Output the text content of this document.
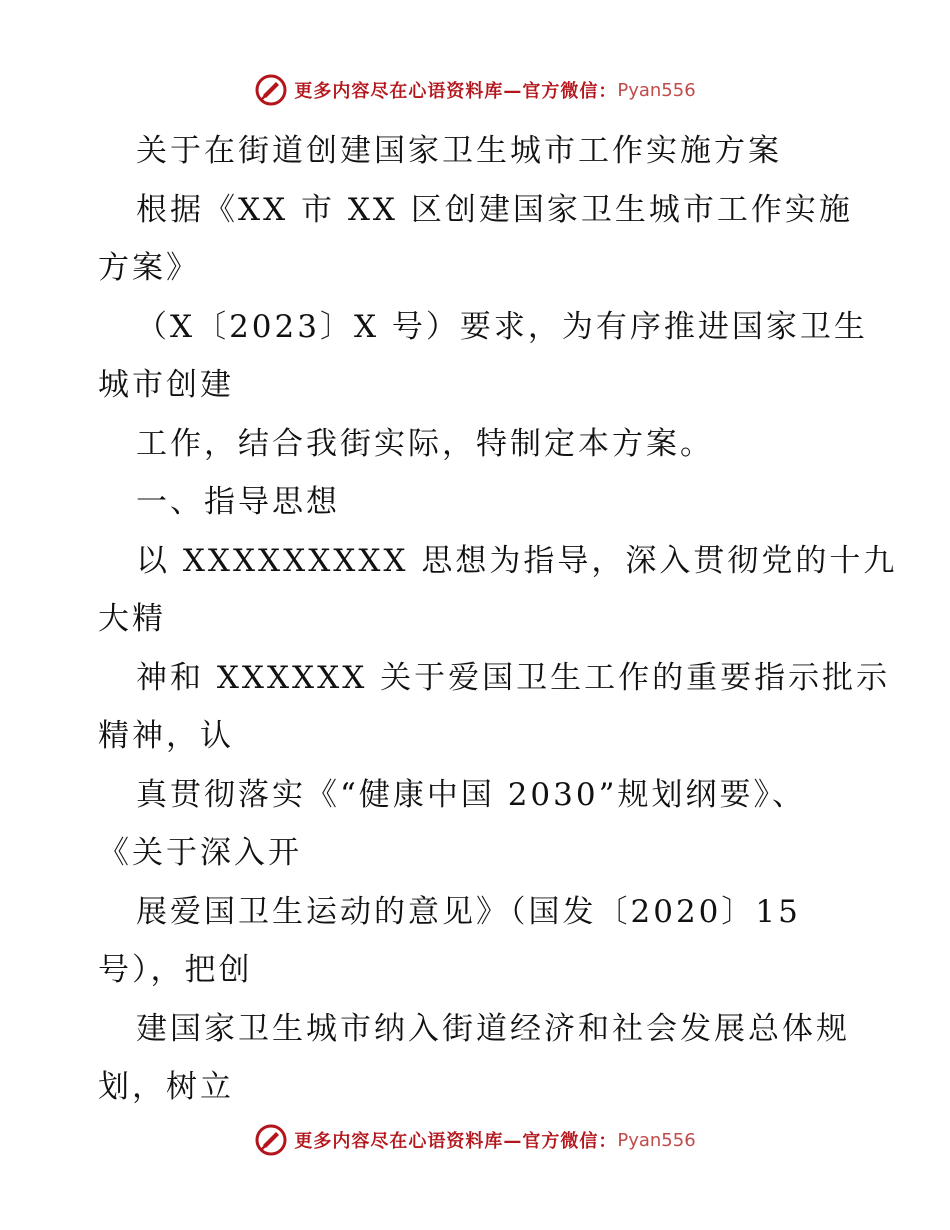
更多内容尽在心语资料库—官方微信： Pyan556
关于在街道创建国家卫生城市工作实施方案
根据《XX 市 XX 区创建国家卫生城市工作实施
方案》
（X〔2023〕X 号）要求，为有序推进国家卫生
城市创建
工作，结合我街实际，特制定本方案。
一、指导思想
以 XXXXXXXXX 思想为指导，深入贯彻党的十九
大精
神和 XXXXXX 关于爱国卫生工作的重要指示批示
精神，认
真贯彻落实《“健康中国 2030”规划纲要》、
《关于深入开
展爱国卫生运动的意见》（国发〔2020〕15
号），把创
建国家卫生城市纳入街道经济和社会发展总体规
划，树立
更多内容尽在心语资料库—官方微信： Pyan556
